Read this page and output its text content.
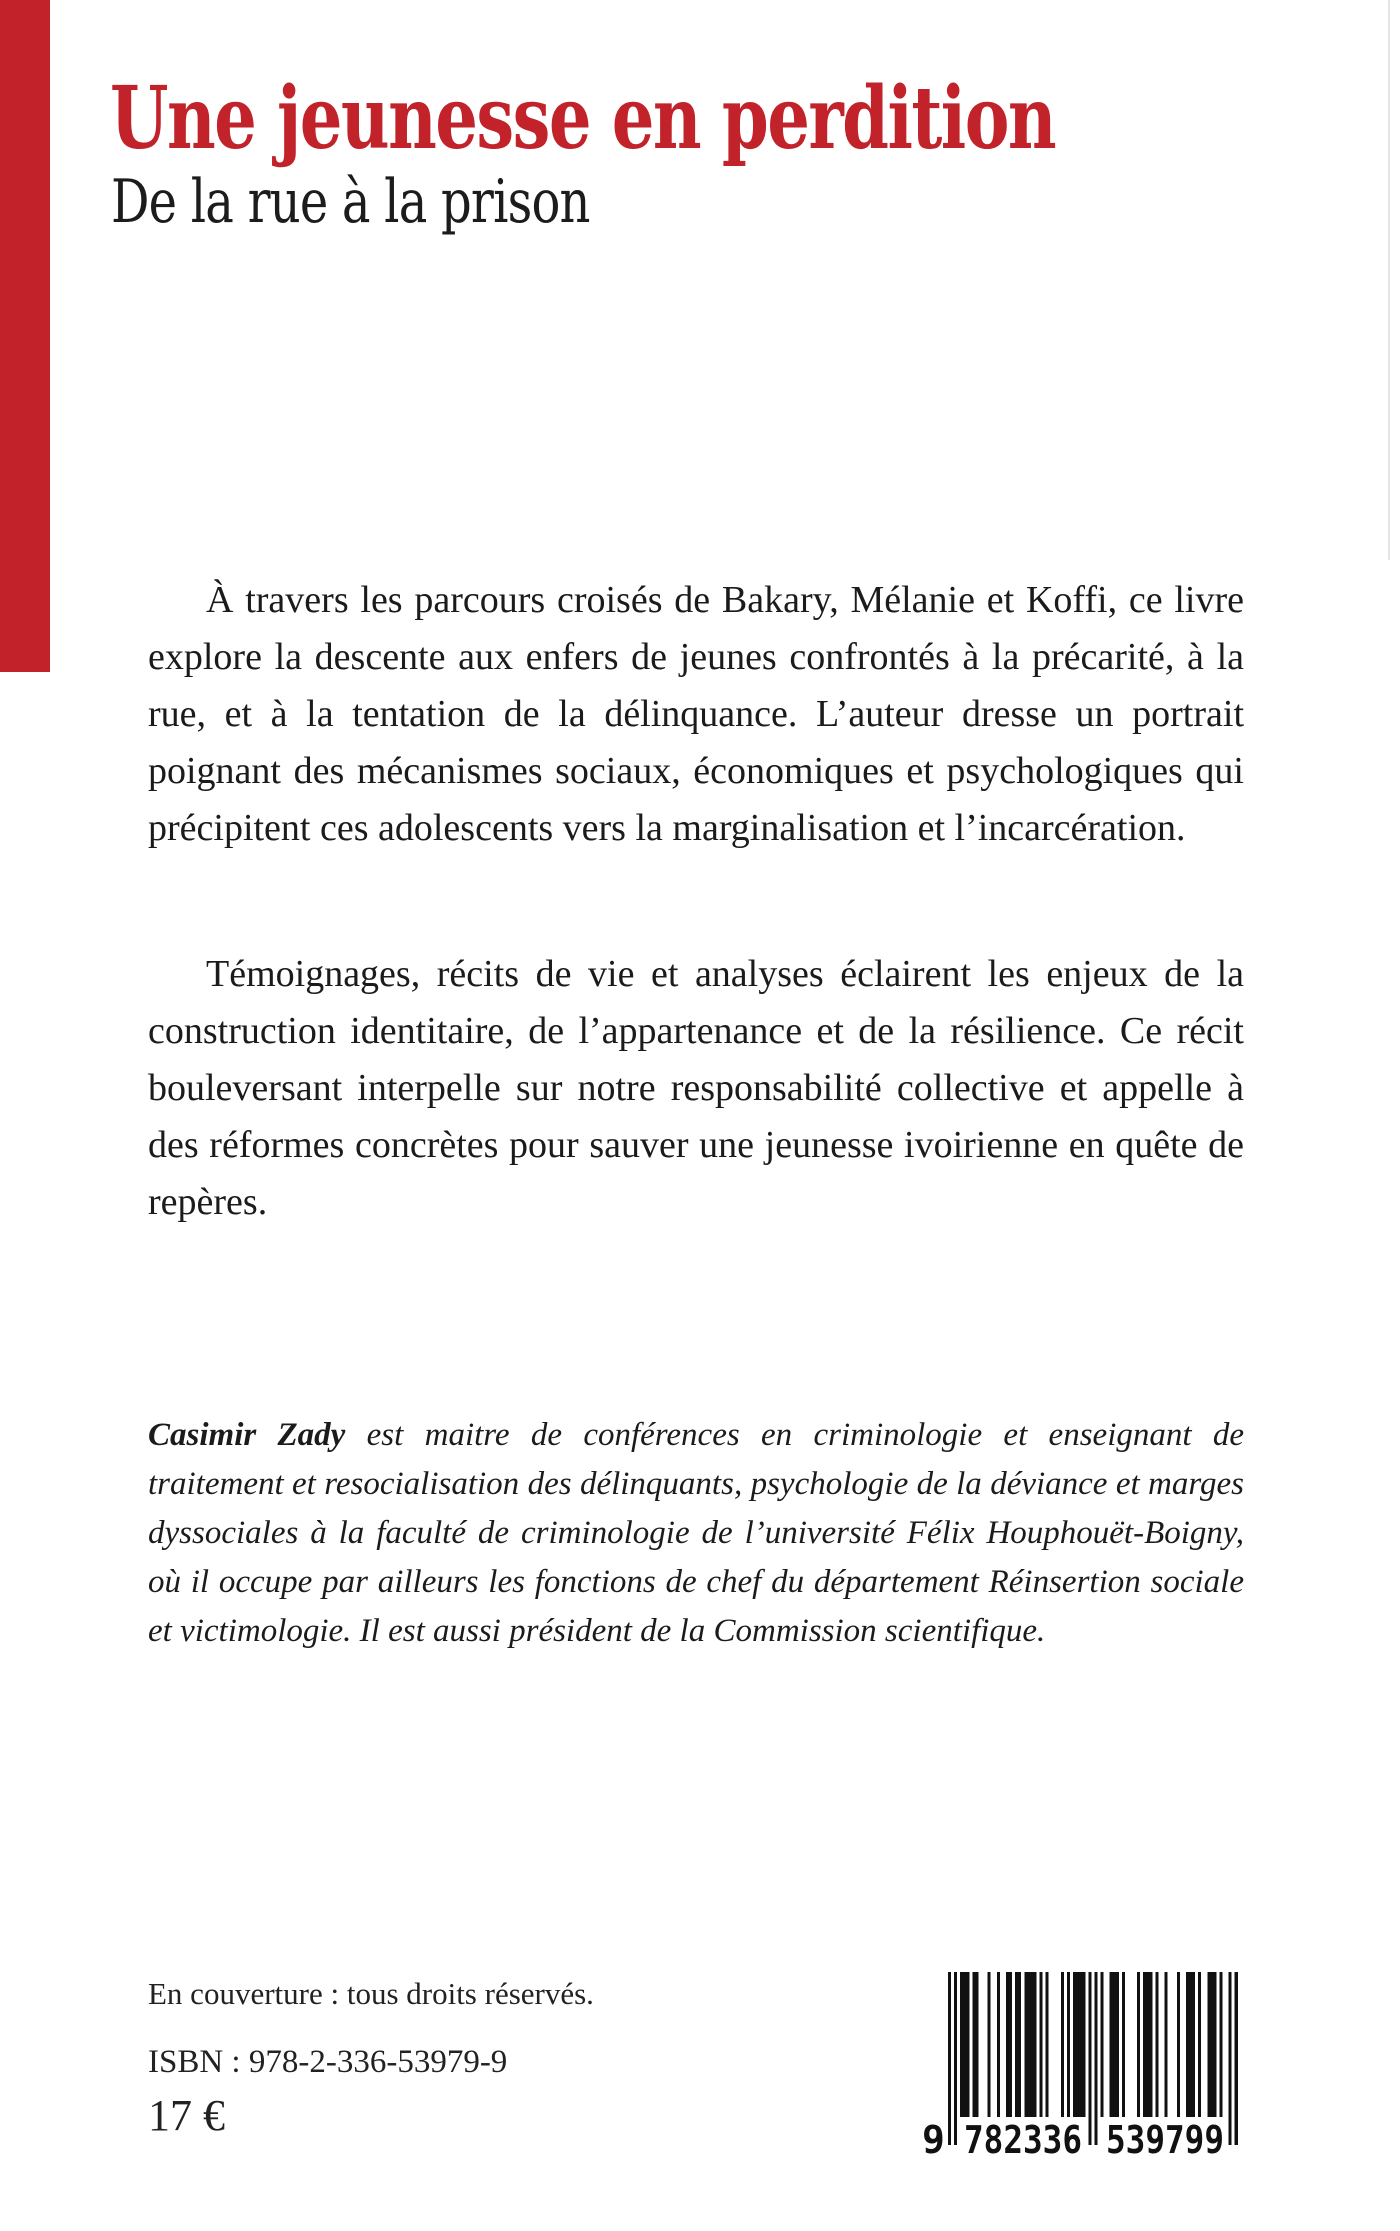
Une jeunesse en perdition
De la rue à la prison

À travers les parcours croisés de Bakary, Mélanie et Koffi, ce livre explore la descente aux enfers de jeunes confrontés à la précarité, à la rue, et à la tentation de la délinquance. L’auteur dresse un portrait poignant des mécanismes sociaux, économiques et psychologiques qui précipitent ces adolescents vers la marginalisation et l’incarcération.

Témoignages, récits de vie et analyses éclairent les enjeux de la construction identitaire, de l’appartenance et de la résilience. Ce récit bouleversant interpelle sur notre responsabilité collective et appelle à des réformes concrètes pour sauver une jeunesse ivoirienne en quête de repères.

Casimir Zady est maitre de conférences en criminologie et enseignant de traitement et resocialisation des délinquants, psychologie de la déviance et marges dyssociales à la faculté de criminologie de l’université Félix Houphouët-Boigny, où il occupe par ailleurs les fonctions de chef du département Réinsertion sociale et victimologie. Il est aussi président de la Commission scientifique.

En couverture : tous droits réservés.
ISBN : 978-2-336-53979-9
17 €	9 782336 539799
